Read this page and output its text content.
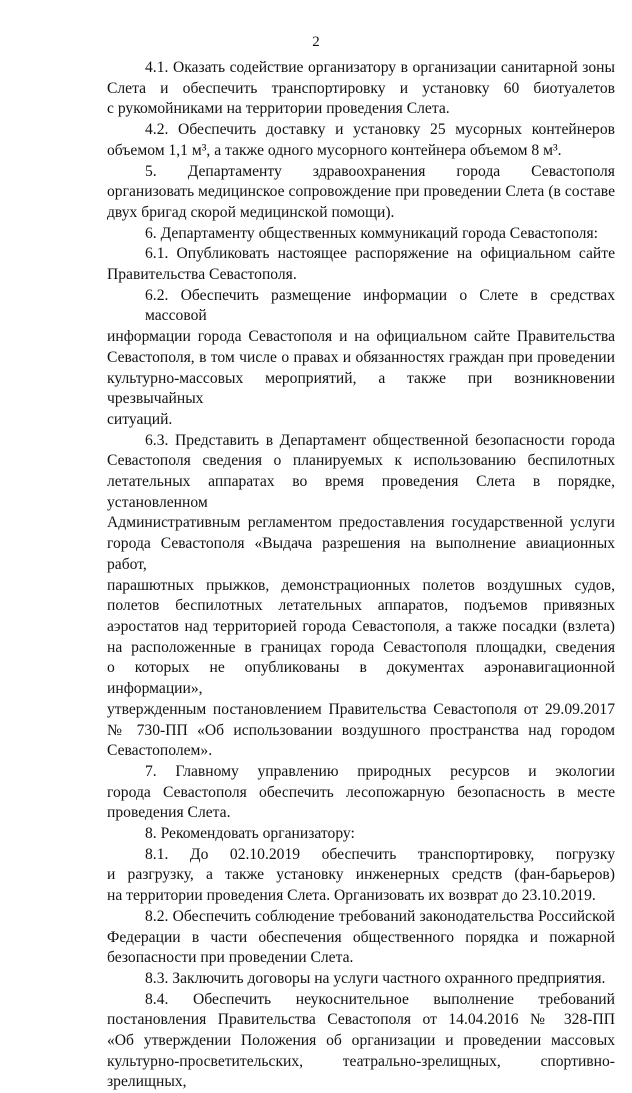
2
4.1. Оказать содействие организатору в организации санитарной зоны
Слета и обеспечить транспортировку и установку 60 биотуалетов
с рукомойниками на территории проведения Слета.
4.2. Обеспечить доставку и установку 25 мусорных контейнеров
объемом 1,1 м³, а также одного мусорного контейнера объемом 8 м³.
5. Департаменту здравоохранения города Севастополя
организовать медицинское сопровождение при проведении Слета (в составе
двух бригад скорой медицинской помощи).
6. Департаменту общественных коммуникаций города Севастополя:
6.1. Опубликовать настоящее распоряжение на официальном сайте
Правительства Севастополя.
6.2. Обеспечить размещение информации о Слете в средствах массовой
информации города Севастополя и на официальном сайте Правительства
Севастополя, в том числе о правах и обязанностях граждан при проведении
культурно-массовых мероприятий, а также при возникновении чрезвычайных
ситуаций.
6.3. Представить в Департамент общественной безопасности города
Севастополя сведения о планируемых к использованию беспилотных
летательных аппаратах во время проведения Слета в порядке, установленном
Административным регламентом предоставления государственной услуги
города Севастополя «Выдача разрешения на выполнение авиационных работ,
парашютных прыжков, демонстрационных полетов воздушных судов,
полетов беспилотных летательных аппаратов, подъемов привязных
аэростатов над территорией города Севастополя, а также посадки (взлета)
на расположенные в границах города Севастополя площадки, сведения
о которых не опубликованы в документах аэронавигационной информации»,
утвержденным постановлением Правительства Севастополя от 29.09.2017
№ 730-ПП «Об использовании воздушного пространства над городом
Севастополем».
7. Главному управлению природных ресурсов и экологии
города Севастополя обеспечить лесопожарную безопасность в месте
проведения Слета.
8. Рекомендовать организатору:
8.1. До 02.10.2019 обеспечить транспортировку, погрузку
и разгрузку, а также установку инженерных средств (фан-барьеров)
на территории проведения Слета. Организовать их возврат до 23.10.2019.
8.2. Обеспечить соблюдение требований законодательства Российской
Федерации в части обеспечения общественного порядка и пожарной
безопасности при проведении Слета.
8.3. Заключить договоры на услуги частного охранного предприятия.
8.4. Обеспечить неукоснительное выполнение требований
постановления Правительства Севастополя от 14.04.2016 № 328-ПП
«Об утверждении Положения об организации и проведении массовых
культурно-просветительских, театрально-зрелищных, спортивно-зрелищных,
